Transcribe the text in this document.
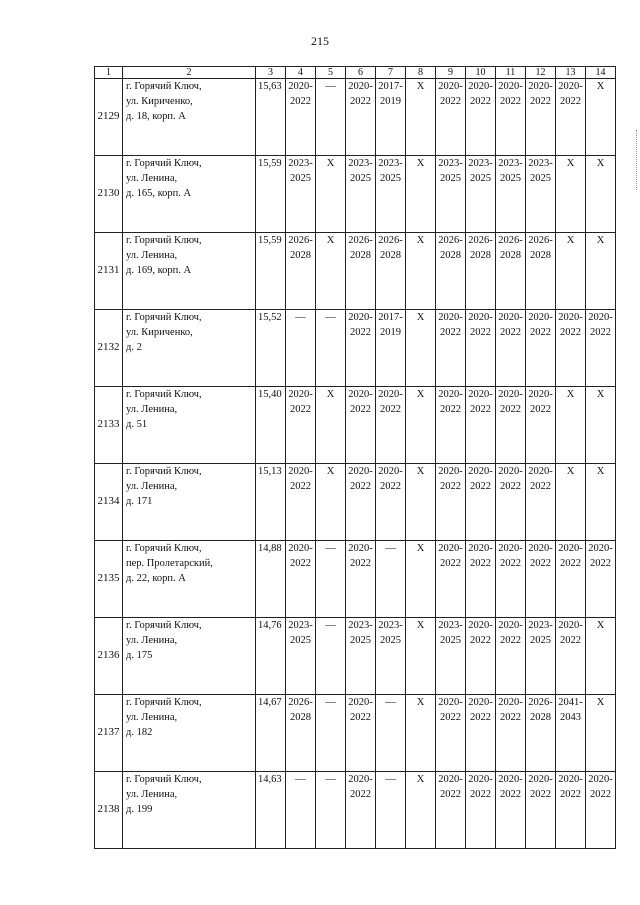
215
1	2	3	4	5	6	7	8	9	10	11	12	13	14
2129	г. Горячий Ключ,
ул. Кириченко,
д. 18, корп. А	15,63	2020-
2022	—	2020-
2022	2017-
2019	Х	2020-
2022	2020-
2022	2020-
2022	2020-
2022	2020-
2022	Х
2130	г. Горячий Ключ,
ул. Ленина,
д. 165, корп. А	15,59	2023-
2025	Х	2023-
2025	2023-
2025	Х	2023-
2025	2023-
2025	2023-
2025	2023-
2025	Х	Х
2131	г. Горячий Ключ,
ул. Ленина,
д. 169, корп. А	15,59	2026-
2028	Х	2026-
2028	2026-
2028	Х	2026-
2028	2026-
2028	2026-
2028	2026-
2028	Х	Х
2132	г. Горячий Ключ,
ул. Кириченко,
д. 2	15,52	—	—	2020-
2022	2017-
2019	Х	2020-
2022	2020-
2022	2020-
2022	2020-
2022	2020-
2022	2020-
2022
2133	г. Горячий Ключ,
ул. Ленина,
д. 51	15,40	2020-
2022	Х	2020-
2022	2020-
2022	Х	2020-
2022	2020-
2022	2020-
2022	2020-
2022	Х	Х
2134	г. Горячий Ключ,
ул. Ленина,
д. 171	15,13	2020-
2022	Х	2020-
2022	2020-
2022	Х	2020-
2022	2020-
2022	2020-
2022	2020-
2022	Х	Х
2135	г. Горячий Ключ,
пер. Пролетарский,
д. 22, корп. А	14,88	2020-
2022	—	2020-
2022	—	Х	2020-
2022	2020-
2022	2020-
2022	2020-
2022	2020-
2022	2020-
2022
2136	г. Горячий Ключ,
ул. Ленина,
д. 175	14,76	2023-
2025	—	2023-
2025	2023-
2025	Х	2023-
2025	2020-
2022	2020-
2022	2023-
2025	2020-
2022	Х
2137	г. Горячий Ключ,
ул. Ленина,
д. 182	14,67	2026-
2028	—	2020-
2022	—	Х	2020-
2022	2020-
2022	2020-
2022	2026-
2028	2041-
2043	Х
2138	г. Горячий Ключ,
ул. Ленина,
д. 199	14,63	—	—	2020-
2022	—	Х	2020-
2022	2020-
2022	2020-
2022	2020-
2022	2020-
2022	2020-
2022
